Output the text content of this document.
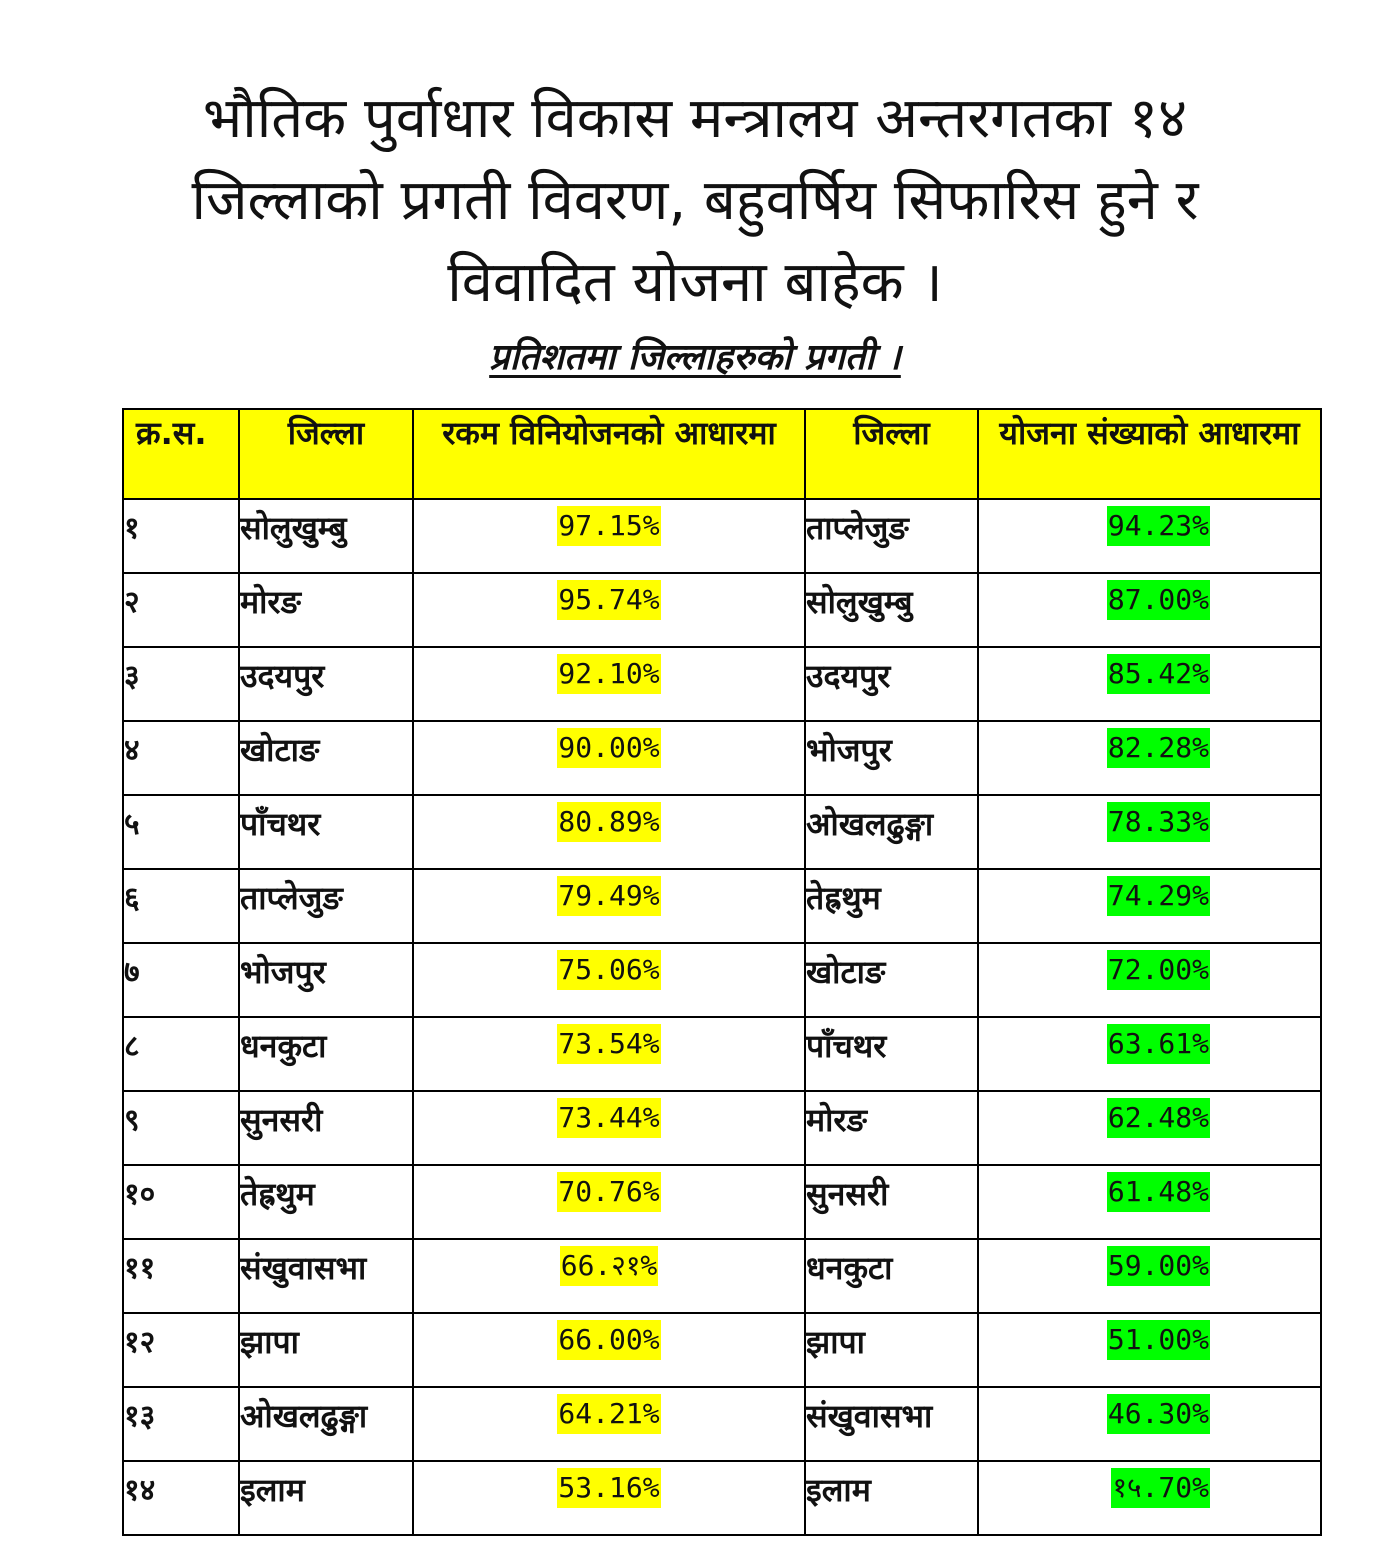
भौतिक पुर्वाधार विकास मन्त्रालय अन्तरगतका १४
जिल्लाको प्रगती विवरण, बहुवर्षिय सिफारिस हुने र
विवादित योजना बाहेक ।
प्रतिशतमा जिल्लाहरुको प्रगती ।
क्र.स.	जिल्ला	रकम विनियोजनको आधारमा	जिल्ला	योजना संख्याको आधारमा
१	सोलुखुम्बु	97.15%	ताप्लेजुङ	94.23%
२	मोरङ	95.74%	सोलुखुम्बु	87.00%
३	उदयपुर	92.10%	उदयपुर	85.42%
४	खोटाङ	90.00%	भोजपुर	82.28%
५	पाँचथर	80.89%	ओखलढुङ्गा	78.33%
६	ताप्लेजुङ	79.49%	तेह्रथुम	74.29%
७	भोजपुर	75.06%	खोटाङ	72.00%
८	धनकुटा	73.54%	पाँचथर	63.61%
९	सुनसरी	73.44%	मोरङ	62.48%
१०	तेह्रथुम	70.76%	सुनसरी	61.48%
११	संखुवासभा	66.२१%	धनकुटा	59.00%
१२	झापा	66.00%	झापा	51.00%
१३	ओखलढुङ्गा	64.21%	संखुवासभा	46.30%
१४	इलाम	53.16%	इलाम	१५.70%
